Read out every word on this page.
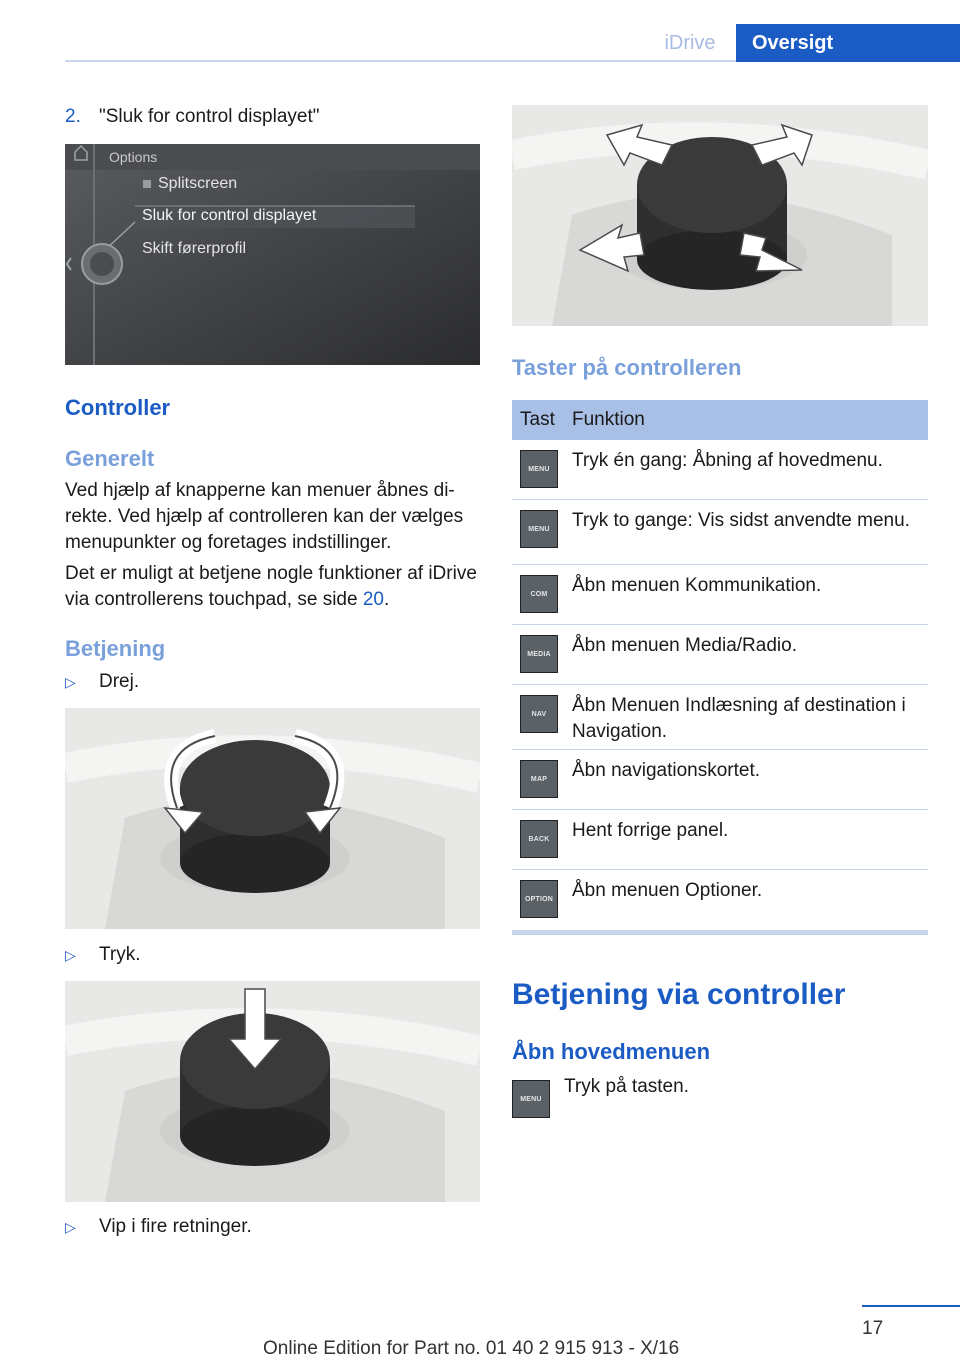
iDrive	Oversigt
2. "Sluk for control displayet"
Options
Splitscreen
Sluk for control displayet
Skift førerprofil
Controller
Generelt
Ved hjælp af knapperne kan menuer åbnes di‐rekte. Ved hjælp af controlleren kan der vælges menupunkter og foretages indstillinger.
Det er muligt at betjene nogle funktioner af iDrive via controllerens touchpad, se side 20.
Betjening
▷ Drej.
▷ Tryk.
▷ Vip i fire retninger.
Taster på controlleren
Tast Funktion
MENU	Tryk én gang: Åbning af hovedmenu.
MENU	Tryk to gange: Vis sidst anvendte menu.
COM	Åbn menuen Kommunikation.
MEDIA	Åbn menuen Media/Radio.
NAV	Åbn Menuen Indlæsning af destination i Navigation.
MAP	Åbn navigationskortet.
BACK	Hent forrige panel.
OPTION Åbn menuen Optioner.
Betjening via controller
Åbn hovedmenuen
MENU
Tryk på tasten.
17
Online Edition for Part no. 01 40 2 915 913 - X/16
